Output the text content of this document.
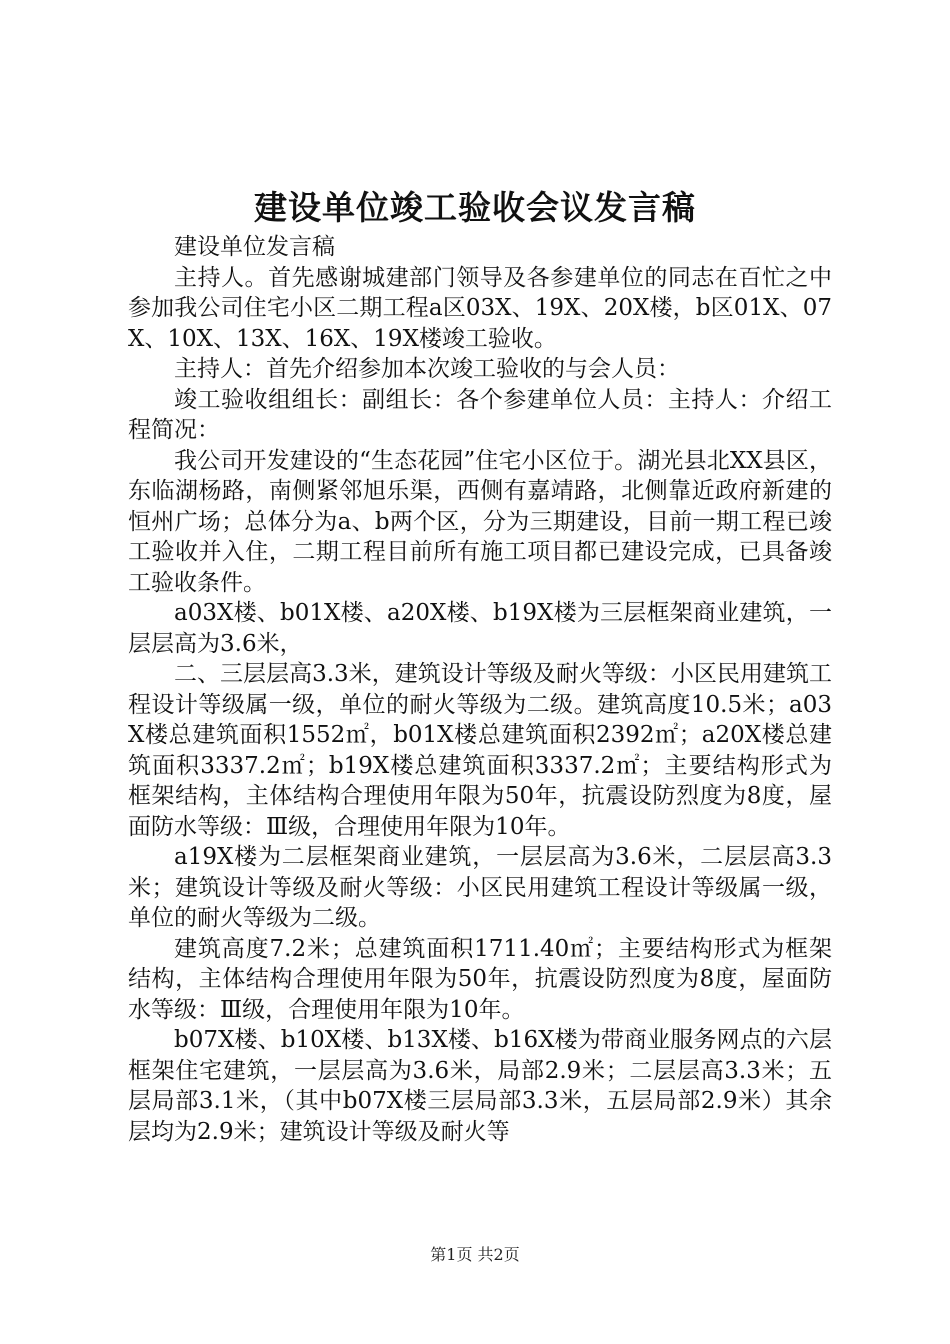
建设单位竣工验收会议发言稿

建设单位发言稿

主持人。首先感谢城建部门领导及各参建单位的同志在百忙之中参加我公司住宅小区二期工程a区03X、19X、20X楼，b区01X、07X、10X、13X、16X、19X楼竣工验收。

主持人：首先介绍参加本次竣工验收的与会人员：

竣工验收组组长：副组长：各个参建单位人员：主持人：介绍工程简况：

我公司开发建设的“生态花园”住宅小区位于。湖光县北XX县区，东临湖杨路，南侧紧邻旭乐渠，西侧有嘉靖路，北侧靠近政府新建的恒州广场；总体分为a、b两个区，分为三期建设，目前一期工程已竣工验收并入住，二期工程目前所有施工项目都已建设完成，已具备竣工验收条件。

a03X楼、b01X楼、a20X楼、b19X楼为三层框架商业建筑，一层层高为3.6米，

二、三层层高3.3米，建筑设计等级及耐火等级：小区民用建筑工程设计等级属一级，单位的耐火等级为二级。建筑高度10.5米；a03X楼总建筑面积1552㎡，b01X楼总建筑面积2392㎡；a20X楼总建筑面积3337.2㎡；b19X楼总建筑面积3337.2㎡；主要结构形式为框架结构，主体结构合理使用年限为50年，抗震设防烈度为8度，屋面防水等级：Ⅲ级，合理使用年限为10年。

a19X楼为二层框架商业建筑，一层层高为3.6米，二层层高3.3米；建筑设计等级及耐火等级：小区民用建筑工程设计等级属一级，单位的耐火等级为二级。

建筑高度7.2米；总建筑面积1711.40㎡；主要结构形式为框架结构，主体结构合理使用年限为50年，抗震设防烈度为8度，屋面防水等级：Ⅲ级，合理使用年限为10年。

b07X楼、b10X楼、b13X楼、b16X楼为带商业服务网点的六层框架住宅建筑，一层层高为3.6米，局部2.9米；二层层高3.3米；五层局部3.1米，（其中b07X楼三层局部3.3米，五层局部2.9米）其余层均为2.9米；建筑设计等级及耐火等

第1页 共2页
